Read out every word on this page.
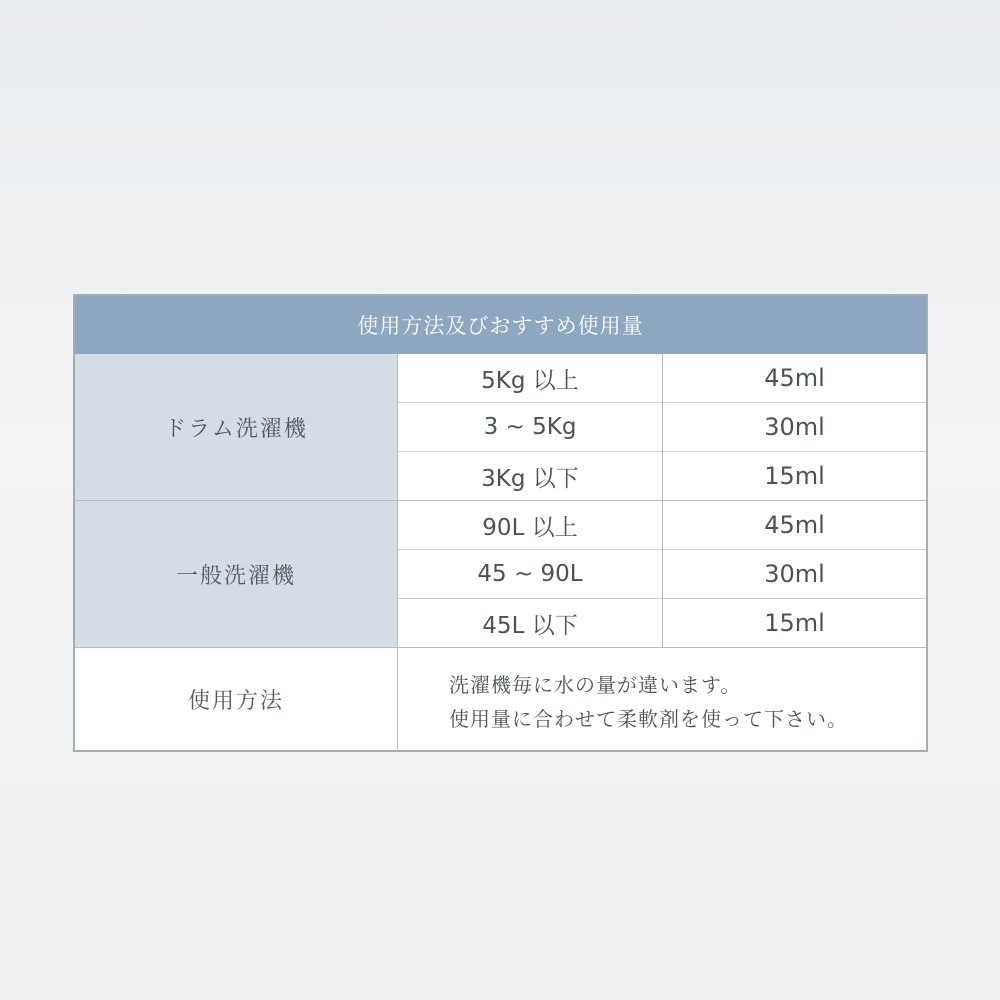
使用方法及びおすすめ使用量
ドラム洗濯機
5Kg 以上	45ml
3 ~ 5Kg	30ml
3Kg 以下	15ml
一般洗濯機
90L 以上	45ml
45 ~ 90L	30ml
45L 以下	15ml
使用方法
洗濯機毎に水の量が違います。
使用量に合わせて柔軟剤を使って下さい。
